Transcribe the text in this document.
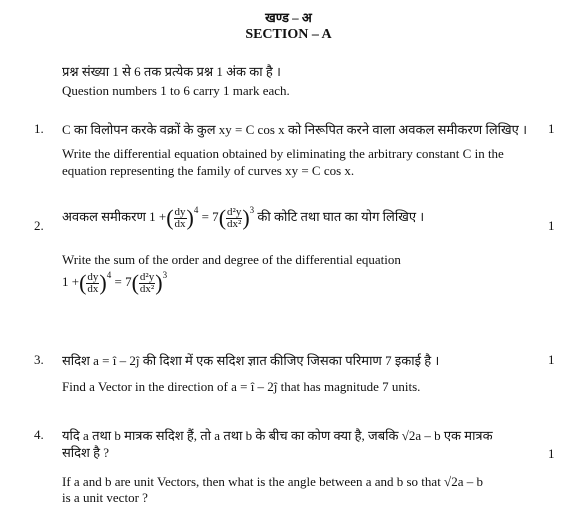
खण्ड – अ
SECTION – A
प्रश्न संख्या 1 से 6 तक प्रत्येक प्रश्न 1 अंक का है ।
Question numbers 1 to 6 carry 1 mark each.
1. C का विलोपन करके वक्रों के कुल xy = C cos x को निरूपित करने वाला अवकल समीकरण लिखिए ।	1
Write the differential equation obtained by eliminating the arbitrary constant C in the equation representing the family of curves xy = C cos x.
2.
अवकल समीकरण 1 +( $\frac{dy}{dx} )^4 = 7( \frac{\text{d²y}}{\text{dx²}} )^3$ की कोटि तथा घात का योग लिखिए ।
1
Write the sum of the order and degree of the differential equation
1 +( $\frac{dy}{dx} )^4 = 7( \frac{\text{d²y}}{\text{dx²}} )^3$
3. सदिश a = î – 2ĵ की दिशा में एक सदिश ज्ञात कीजिए जिसका परिमाण 7 इकाई है ।	1
Find a Vector in the direction of a = î – 2ĵ that has magnitude 7 units.
4. यदि a तथा b मात्रक सदिश हैं, तो a तथा b के बीच का कोण क्या है, जबकि √2a – b एक मात्रक
सदिश है ?	1
If a and b are unit Vectors, then what is the angle between a and b so that √2a – b
is a unit vector ?
